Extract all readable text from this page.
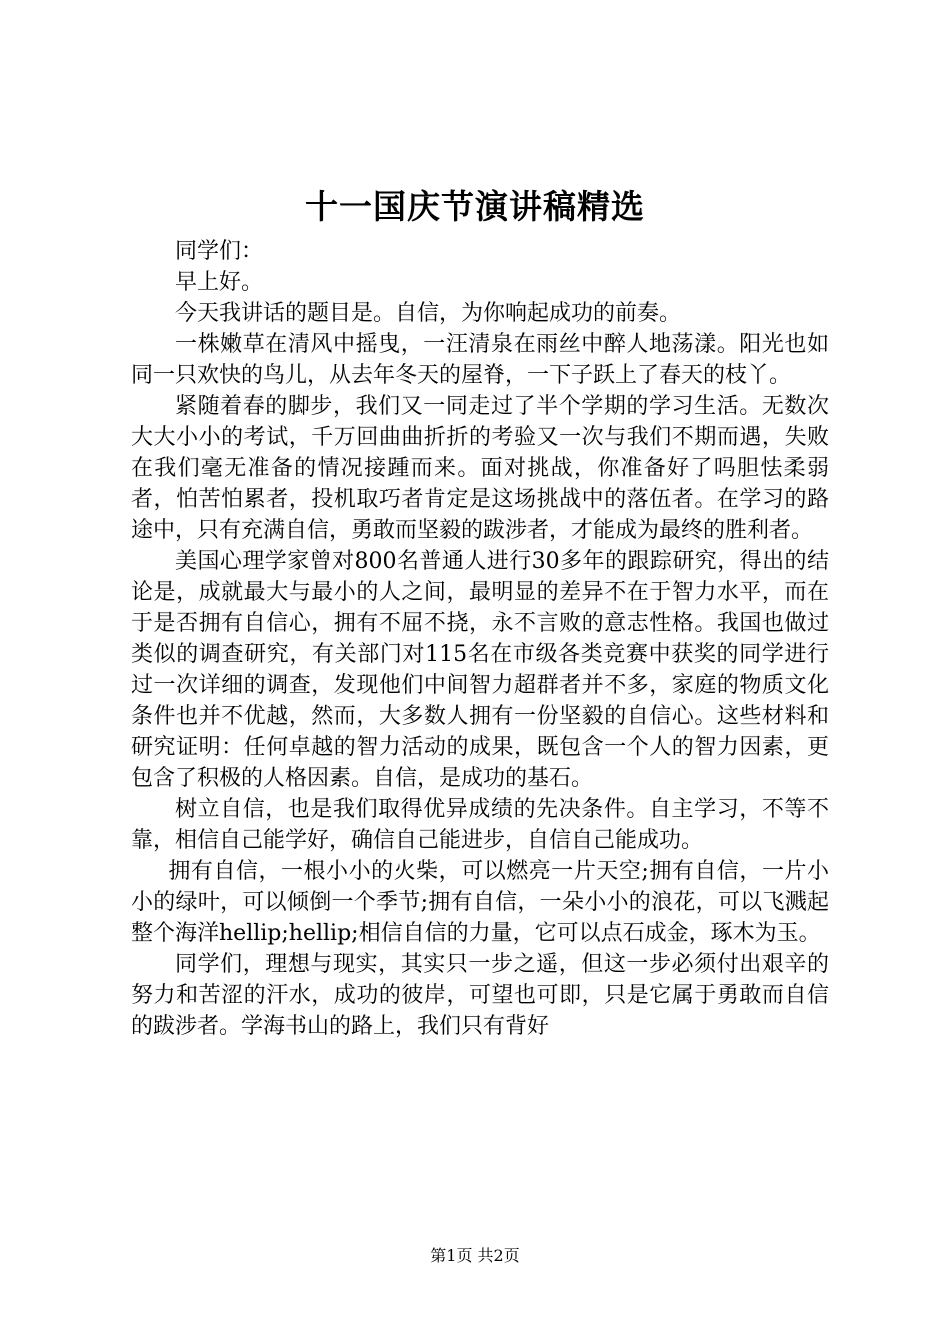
十一国庆节演讲稿精选

同学们：

早上好。

今天我讲话的题目是。自信，为你响起成功的前奏。

一株嫩草在清风中摇曳，一汪清泉在雨丝中醉人地荡漾。阳光也如同一只欢快的鸟儿，从去年冬天的屋脊，一下子跃上了春天的枝丫。

紧随着春的脚步，我们又一同走过了半个学期的学习生活。无数次大大小小的考试，千万回曲曲折折的考验又一次与我们不期而遇，失败在我们毫无准备的情况接踵而来。面对挑战，你准备好了吗胆怯柔弱者，怕苦怕累者，投机取巧者肯定是这场挑战中的落伍者。在学习的路途中，只有充满自信，勇敢而坚毅的跋涉者，才能成为最终的胜利者。

美国心理学家曾对800名普通人进行30多年的跟踪研究，得出的结论是，成就最大与最小的人之间，最明显的差异不在于智力水平，而在于是否拥有自信心，拥有不屈不挠，永不言败的意志性格。我国也做过类似的调查研究，有关部门对115名在市级各类竞赛中获奖的同学进行过一次详细的调查，发现他们中间智力超群者并不多，家庭的物质文化条件也并不优越，然而，大多数人拥有一份坚毅的自信心。这些材料和研究证明：任何卓越的智力活动的成果，既包含一个人的智力因素，更包含了积极的人格因素。自信，是成功的基石。

树立自信，也是我们取得优异成绩的先决条件。自主学习，不等不靠，相信自己能学好，确信自己能进步，自信自己能成功。

拥有自信，一根小小的火柴，可以燃亮一片天空;拥有自信，一片小小的绿叶，可以倾倒一个季节;拥有自信，一朵小小的浪花，可以飞溅起整个海洋hellip;hellip;相信自信的力量，它可以点石成金，琢木为玉。

同学们，理想与现实，其实只一步之遥，但这一步必须付出艰辛的努力和苦涩的汗水，成功的彼岸，可望也可即，只是它属于勇敢而自信的跋涉者。学海书山的路上，我们只有背好

第1页 共2页
